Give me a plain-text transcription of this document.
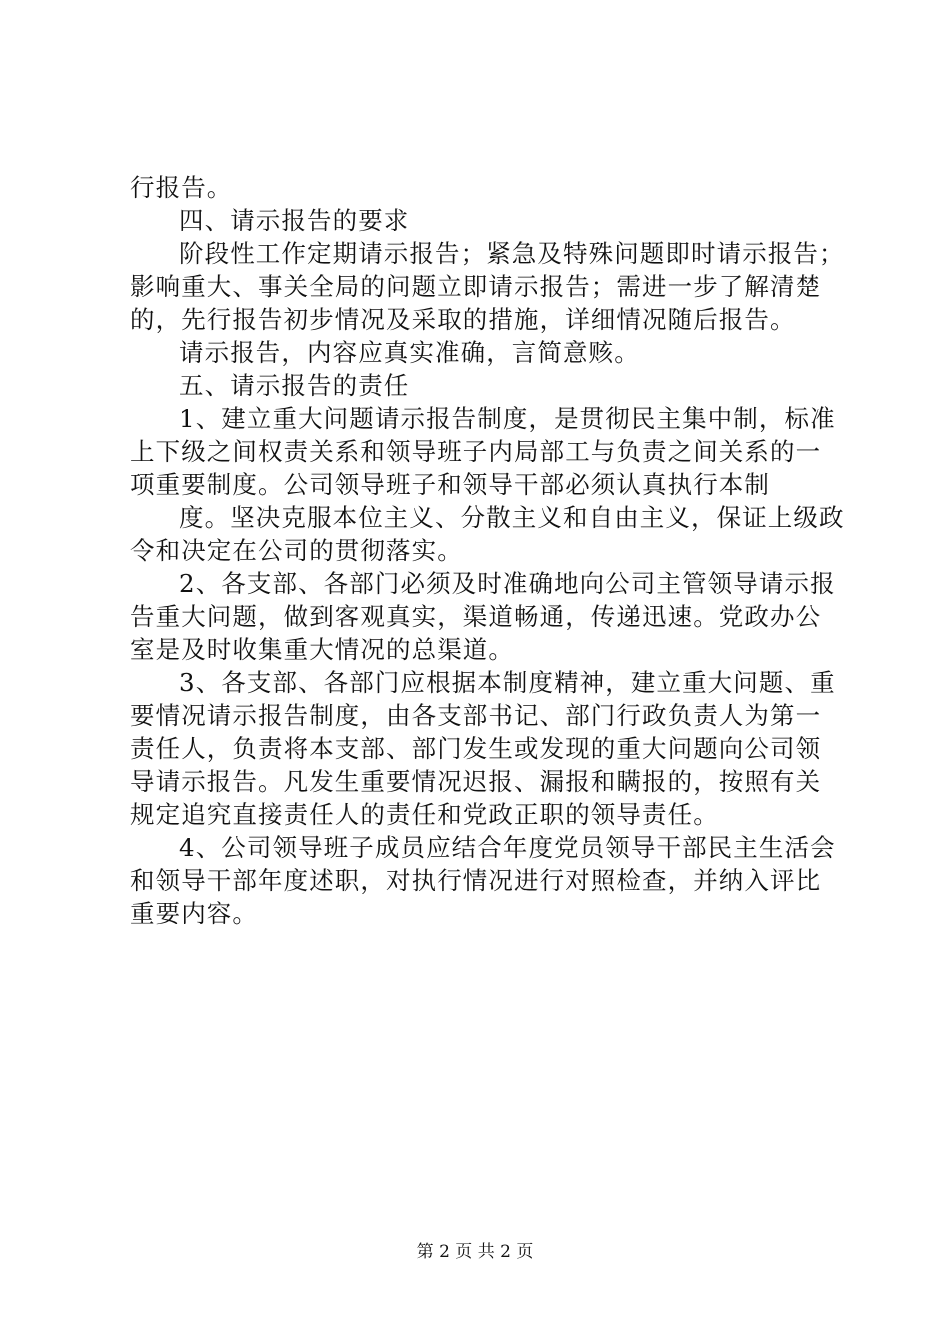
行报告。
四、请示报告的要求
阶段性工作定期请示报告；紧急及特殊问题即时请示报告；
影响重大、事关全局的问题立即请示报告；需进一步了解清楚
的，先行报告初步情况及采取的措施，详细情况随后报告。
请示报告，内容应真实准确，言简意赅。
五、请示报告的责任
1、建立重大问题请示报告制度，是贯彻民主集中制，标准
上下级之间权责关系和领导班子内局部工与负责之间关系的一
项重要制度。公司领导班子和领导干部必须认真执行本制
度。坚决克服本位主义、分散主义和自由主义，保证上级政
令和决定在公司的贯彻落实。
2、各支部、各部门必须及时准确地向公司主管领导请示报
告重大问题，做到客观真实，渠道畅通，传递迅速。党政办公
室是及时收集重大情况的总渠道。
3、各支部、各部门应根据本制度精神，建立重大问题、重
要情况请示报告制度，由各支部书记、部门行政负责人为第一
责任人，负责将本支部、部门发生或发现的重大问题向公司领
导请示报告。凡发生重要情况迟报、漏报和瞒报的，按照有关
规定追究直接责任人的责任和党政正职的领导责任。
4、公司领导班子成员应结合年度党员领导干部民主生活会
和领导干部年度述职，对执行情况进行对照检查，并纳入评比
重要内容。
第 2 页 共 2 页
